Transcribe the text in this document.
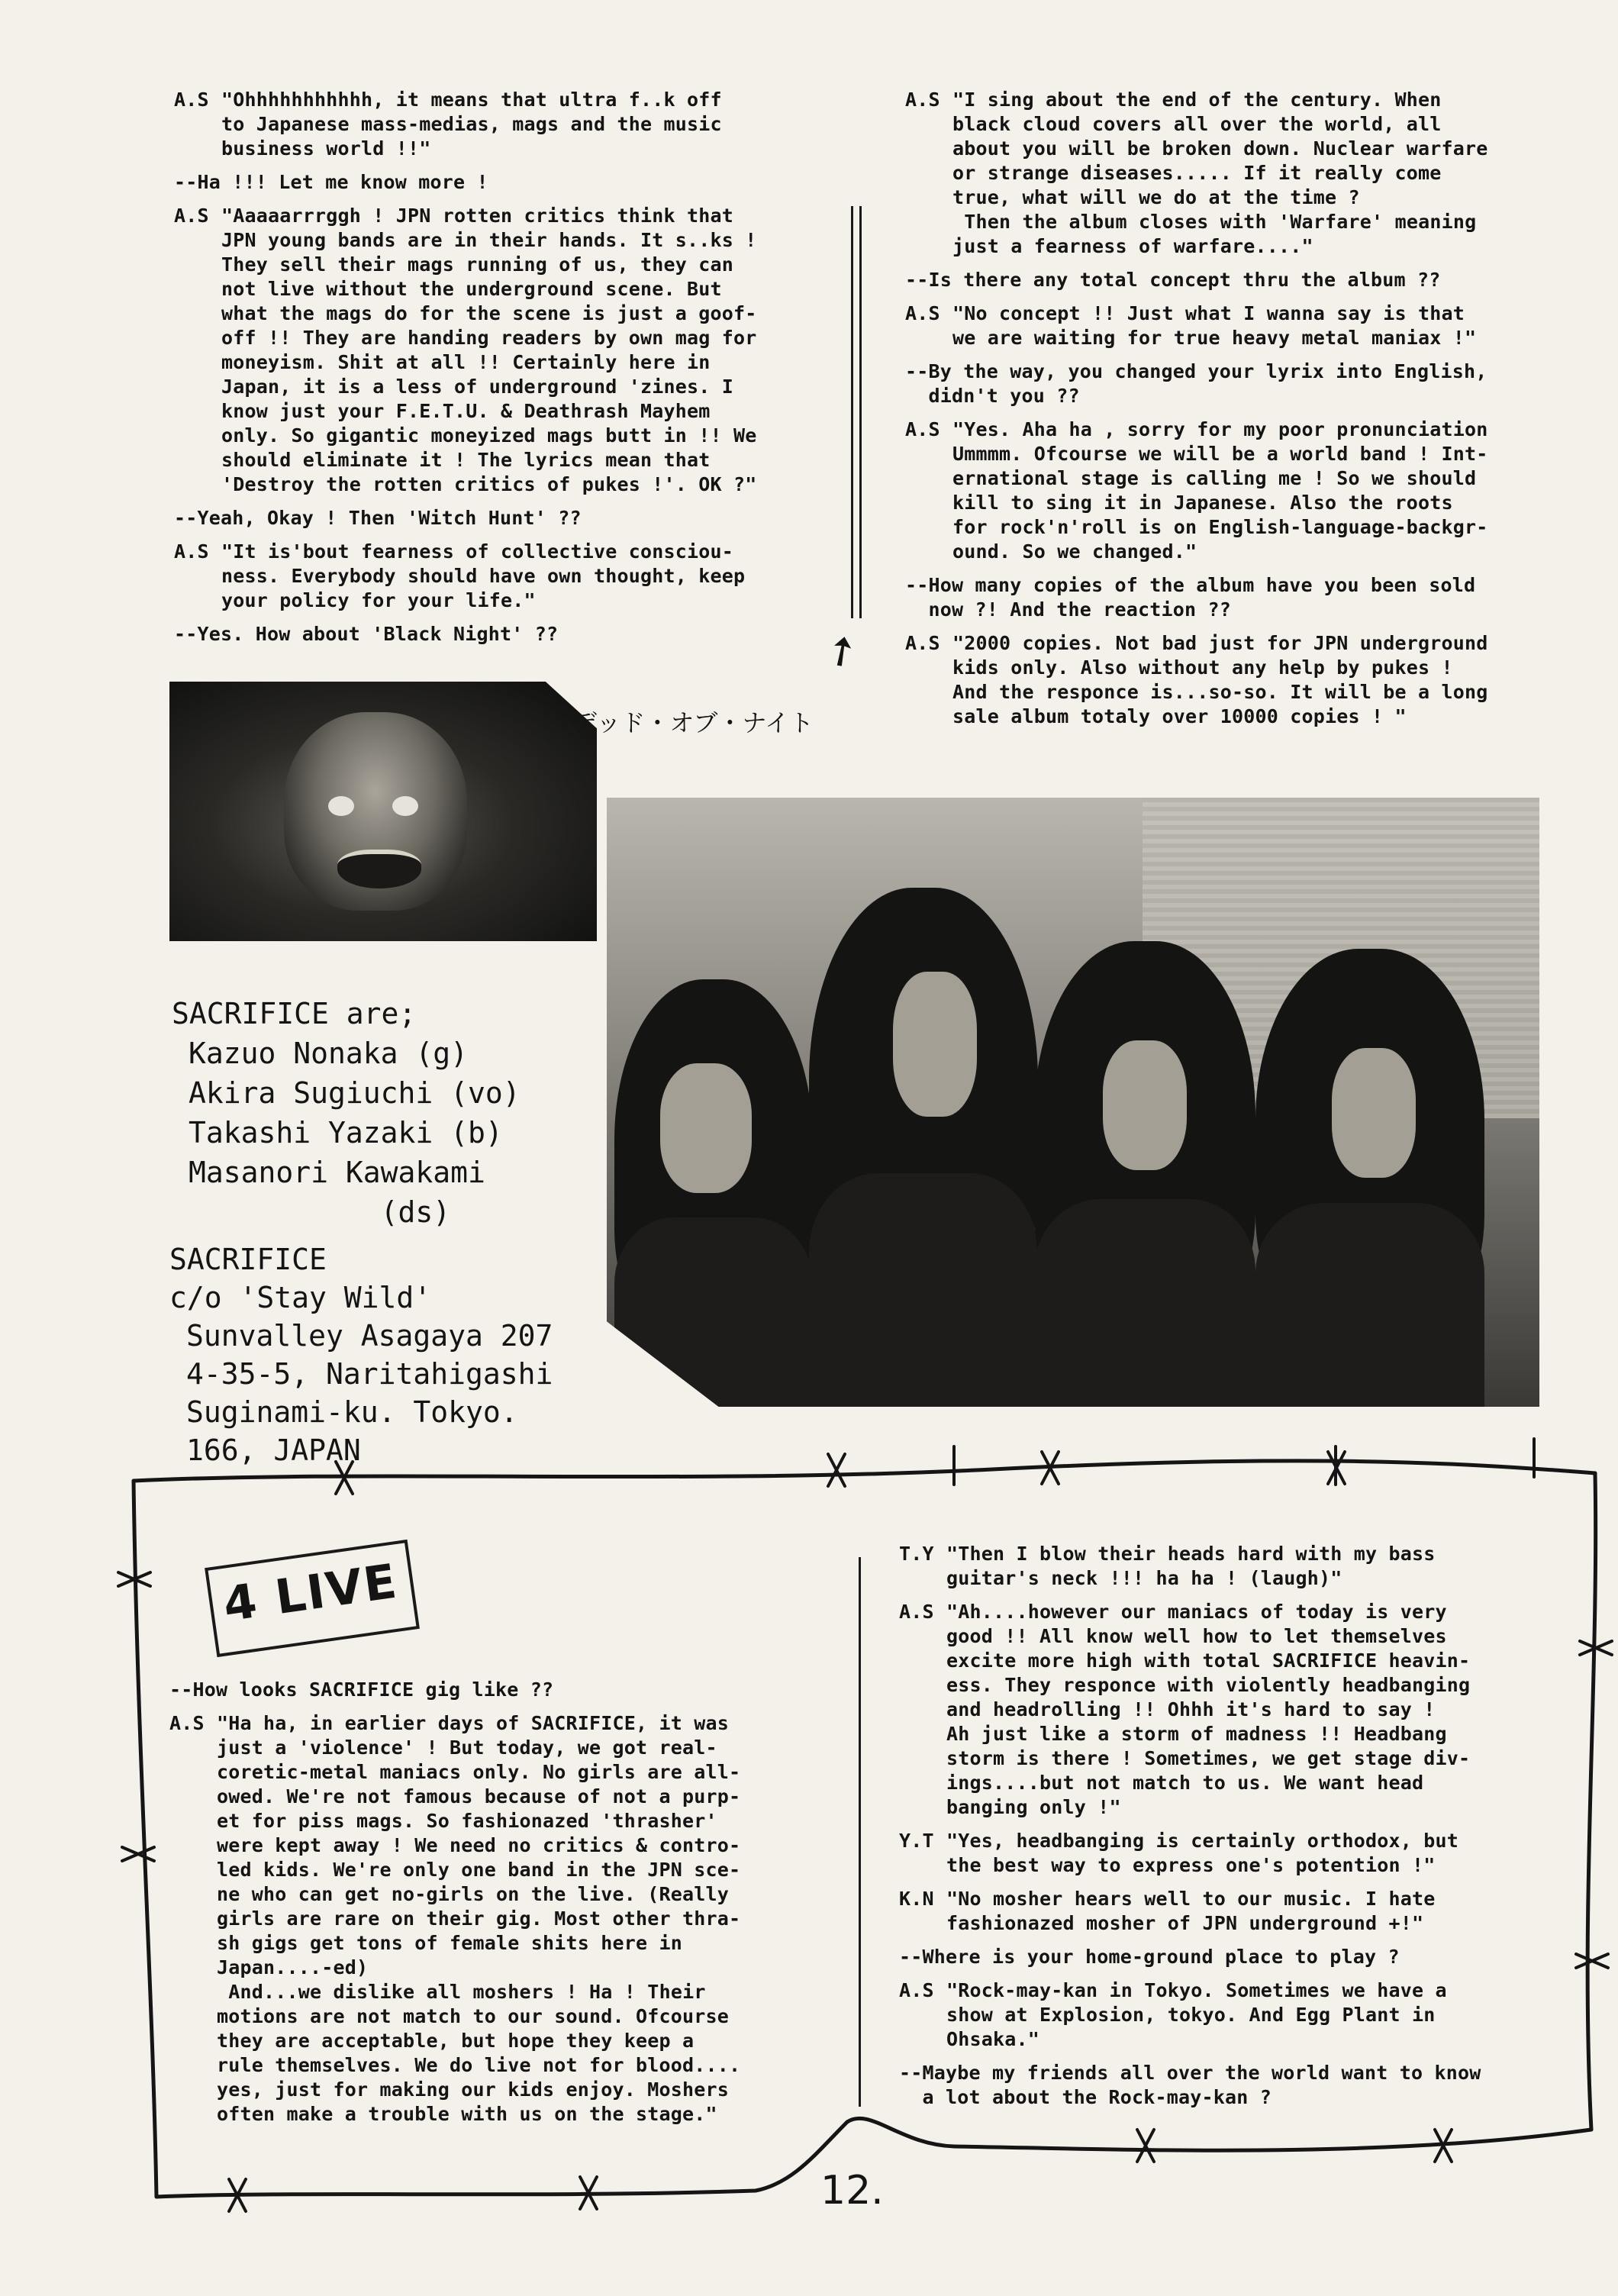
A.S "Ohhhhhhhhhhh, it means that ultra f..k off
to Japanese mass-medias, mags and the music
business world !!"
--Ha !!! Let me know more !
A.S "Aaaaarrrggh ! JPN rotten critics think that
JPN young bands are in their hands. It s..ks !
They sell their mags running of us, they can
not live without the underground scene. But
what the mags do for the scene is just a goof-
off !! They are handing readers by own mag for
moneyism. Shit at all !! Certainly here in
Japan, it is a less of underground 'zines. I
know just your F.E.T.U. & Deathrash Mayhem
only. So gigantic moneyized mags butt in !! We
should eliminate it ! The lyrics mean that
'Destroy the rotten critics of pukes !'. OK ?"
--Yeah, Okay ! Then 'Witch Hunt' ??
A.S "It is'bout fearness of collective consciou-
ness. Everybody should have own thought, keep
your policy for your life."
--Yes. How about 'Black Night' ??	➚
A.S "I sing about the end of the century. When
black cloud covers all over the world, all
about you will be broken down. Nuclear warfare
or strange diseases..... If it really come
true, what will we do at the time ?
Then the album closes with 'Warfare' meaning
just a fearness of warfare...."
--Is there any total concept thru the album ??
A.S "No concept !! Just what I wanna say is that
we are waiting for true heavy metal maniax !"
--By the way, you changed your lyrix into English,
didn't you ??
A.S "Yes. Aha ha , sorry for my poor pronunciation
Ummmm. Ofcourse we will be a world band ! Int-
ernational stage is calling me ! So we should
kill to sing it in Japanese. Also the roots
for rock'n'roll is on English-language-backgr-
ound. So we changed."
--How many copies of the album have you been sold
now ?! And the reaction ??
A.S "2000 copies. Not bad just for JPN underground
kids only. Also without any help by pukes !
And the responce is...so-so. It will be a long
sale album totaly over 10000 copies ! "
デッド・オブ・ナイト
SACRIFICE are;
Kazuo Nonaka (g)
Akira Sugiuchi (vo)
Takashi Yazaki (b)
Masanori Kawakami
(ds)
SACRIFICE
c/o 'Stay Wild'
Sunvalley Asagaya 207
4-35-5, Naritahigashi
Suginami-ku. Tokyo.
166, JAPAN
4 LIVE
--How looks SACRIFICE gig like ??
A.S "Ha ha, in earlier days of SACRIFICE, it was
just a 'violence' ! But today, we got real-
coretic-metal maniacs only. No girls are all-
owed. We're not famous because of not a purp-
et for piss mags. So fashionazed 'thrasher'
were kept away ! We need no critics & contro-
led kids. We're only one band in the JPN sce-
ne who can get no-girls on the live. (Really
girls are rare on their gig. Most other thra-
sh gigs get tons of female shits here in
Japan....-ed)
And...we dislike all moshers ! Ha ! Their
motions are not match to our sound. Ofcourse
they are acceptable, but hope they keep a
rule themselves. We do live not for blood....
yes, just for making our kids enjoy. Moshers
often make a trouble with us on the stage."
T.Y "Then I blow their heads hard with my bass
guitar's neck !!! ha ha ! (laugh)"
A.S "Ah....however our maniacs of today is very
good !! All know well how to let themselves
excite more high with total SACRIFICE heavin-
ess. They responce with violently headbanging
and headrolling !! Ohhh it's hard to say !
Ah just like a storm of madness !! Headbang
storm is there ! Sometimes, we get stage div-
ings....but not match to us. We want head
banging only !"
Y.T "Yes, headbanging is certainly orthodox, but
the best way to express one's potention !"
K.N "No mosher hears well to our music. I hate
fashionazed mosher of JPN underground +!"
--Where is your home-ground place to play ?
A.S "Rock-may-kan in Tokyo. Sometimes we have a
show at Explosion, tokyo. And Egg Plant in
Ohsaka."
--Maybe my friends all over the world want to know
a lot about the Rock-may-kan ?
12.
